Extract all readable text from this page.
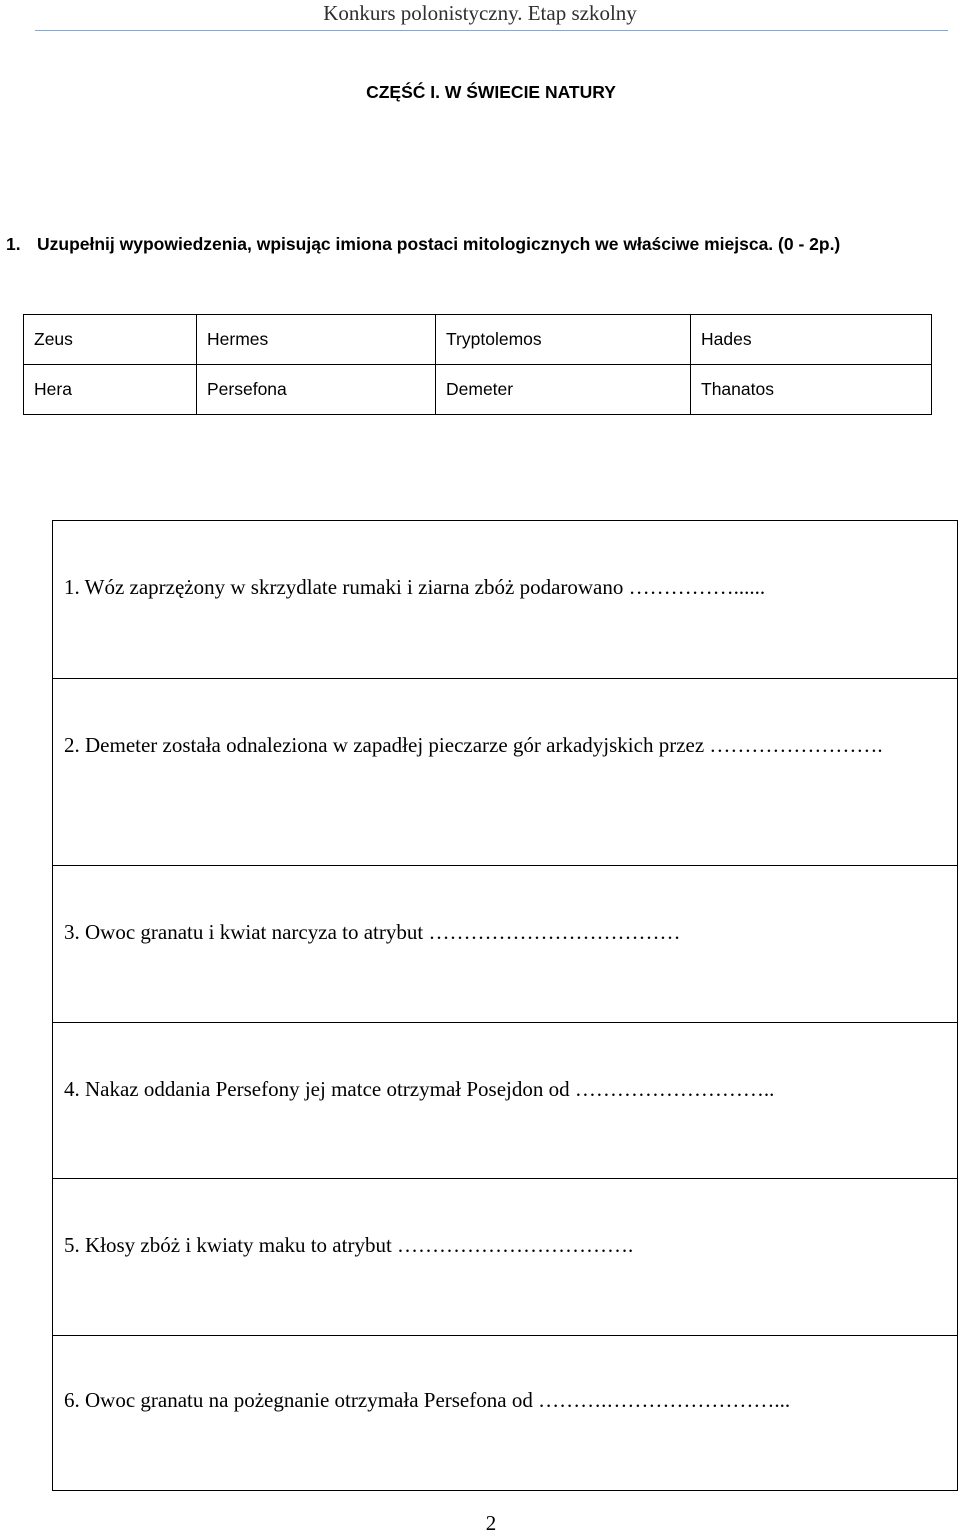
Konkurs polonistyczny. Etap szkolny
CZĘŚĆ I. W ŚWIECIE NATURY
1. Uzupełnij wypowiedzenia, wpisując imiona postaci mitologicznych we właściwe miejsca. (0 - 2p.)
Zeus	Hermes	Tryptolemos	Hades
Hera	Persefona	Demeter	Thanatos
1. Wóz zaprzężony w skrzydlate rumaki i ziarna zbóż podarowano ……………......
2. Demeter została odnaleziona w zapadłej pieczarze gór arkadyjskich przez …………………….
3. Owoc granatu i kwiat narcyza to atrybut ………………………………
4. Nakaz oddania Persefony jej matce otrzymał Posejdon od ………………………..
5. Kłosy zbóż i kwiaty maku to atrybut …………………………….
6. Owoc granatu na pożegnanie otrzymała Persefona od ……….……………………...
2
